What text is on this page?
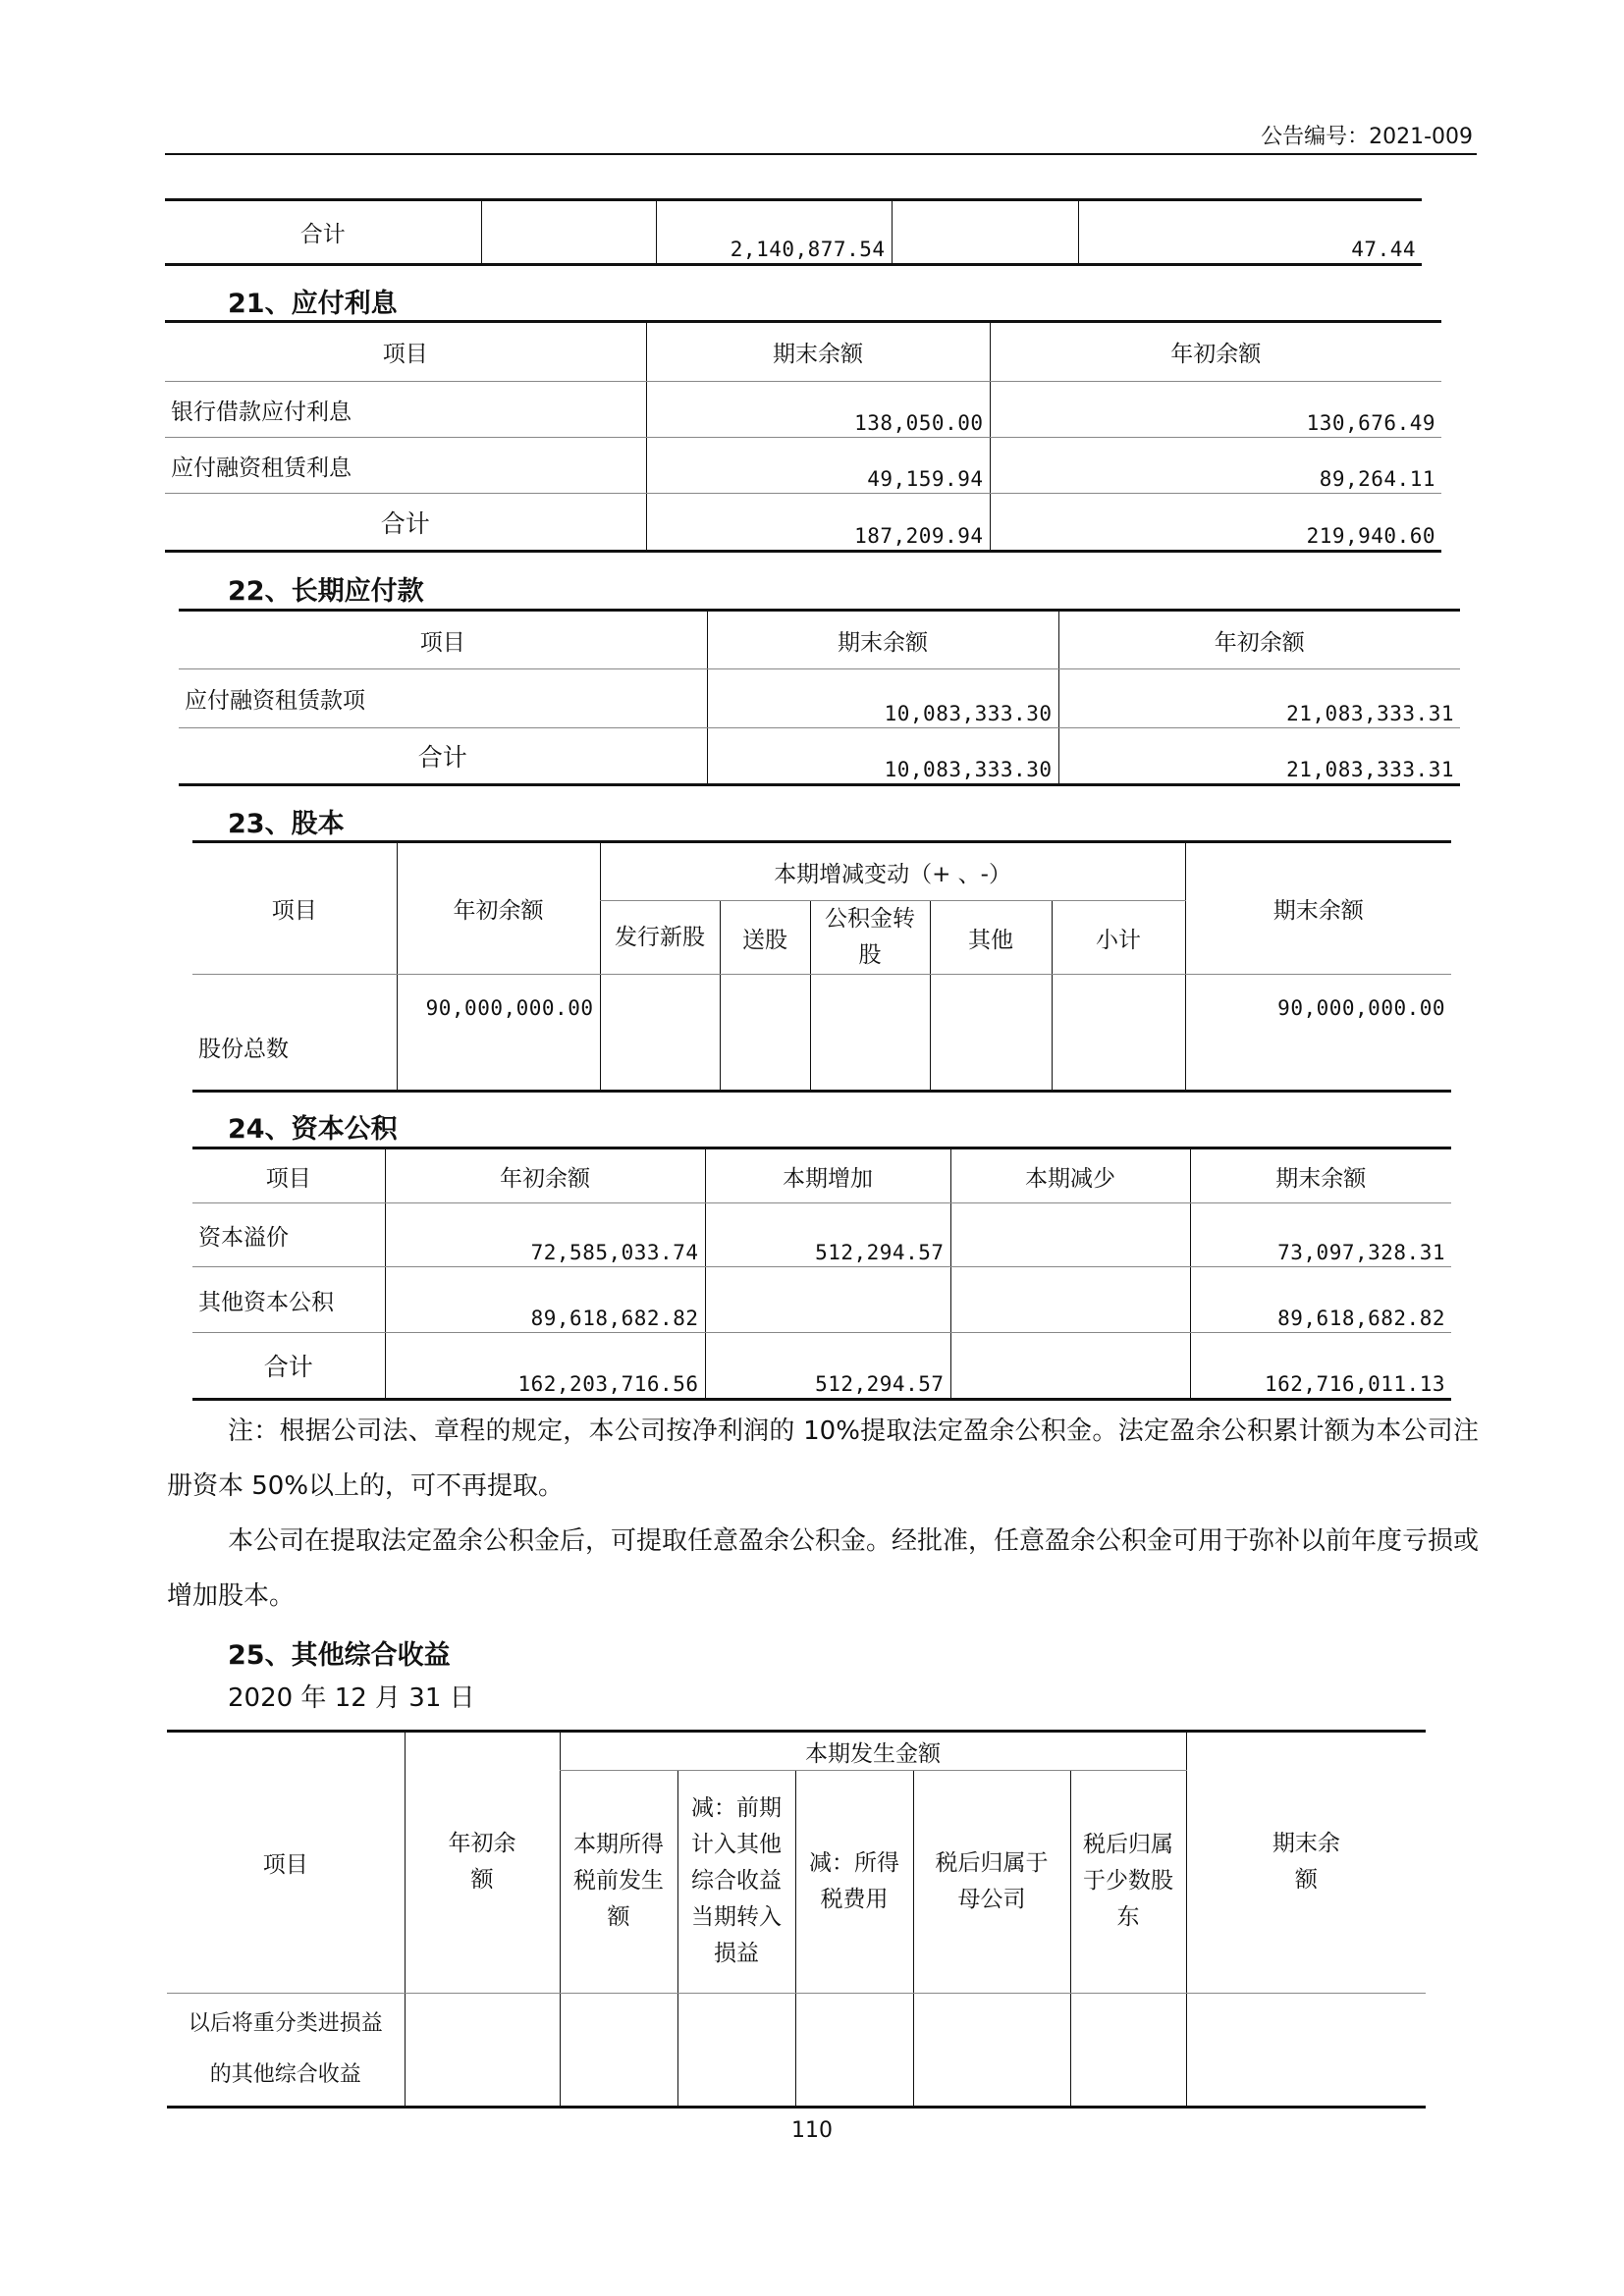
公告编号：2021-009
合计		2,140,877.54		47.44
21、应付利息
项目	期末余额	年初余额
银行借款应付利息	138,050.00	130,676.49
应付融资租赁利息	49,159.94	89,264.11
合计	187,209.94	219,940.60
22、长期应付款
项目	期末余额	年初余额
应付融资租赁款项	10,083,333.30	21,083,333.31
合计	10,083,333.30	21,083,333.31
23、股本
项目	年初余额	本期增减变动（+ 、-）					期末余额
		发行新股	送股	公积金转股	其他	小计	
股份总数	90,000,000.00						90,000,000.00
24、资本公积
项目	年初余额	本期增加	本期减少	期末余额
资本溢价	72,585,033.74	512,294.57		73,097,328.31
其他资本公积	89,618,682.82			89,618,682.82
合计	162,203,716.56	512,294.57		162,716,011.13
注：根据公司法、章程的规定，本公司按净利润的 10%提取法定盈余公积金。法定盈余公积累计额为本公司注册资本 50%以上的，可不再提取。
本公司在提取法定盈余公积金后，可提取任意盈余公积金。经批准，任意盈余公积金可用于弥补以前年度亏损或增加股本。
25、其他综合收益
2020 年 12 月 31 日
项目	年初余额	本期发生金额					期末余额
		本期所得税前发生额	减：前期计入其他综合收益当期转入损益	减：所得税费用	税后归属于母公司	税后归属于少数股东	
以后将重分类进损益的其他综合收益							
110
